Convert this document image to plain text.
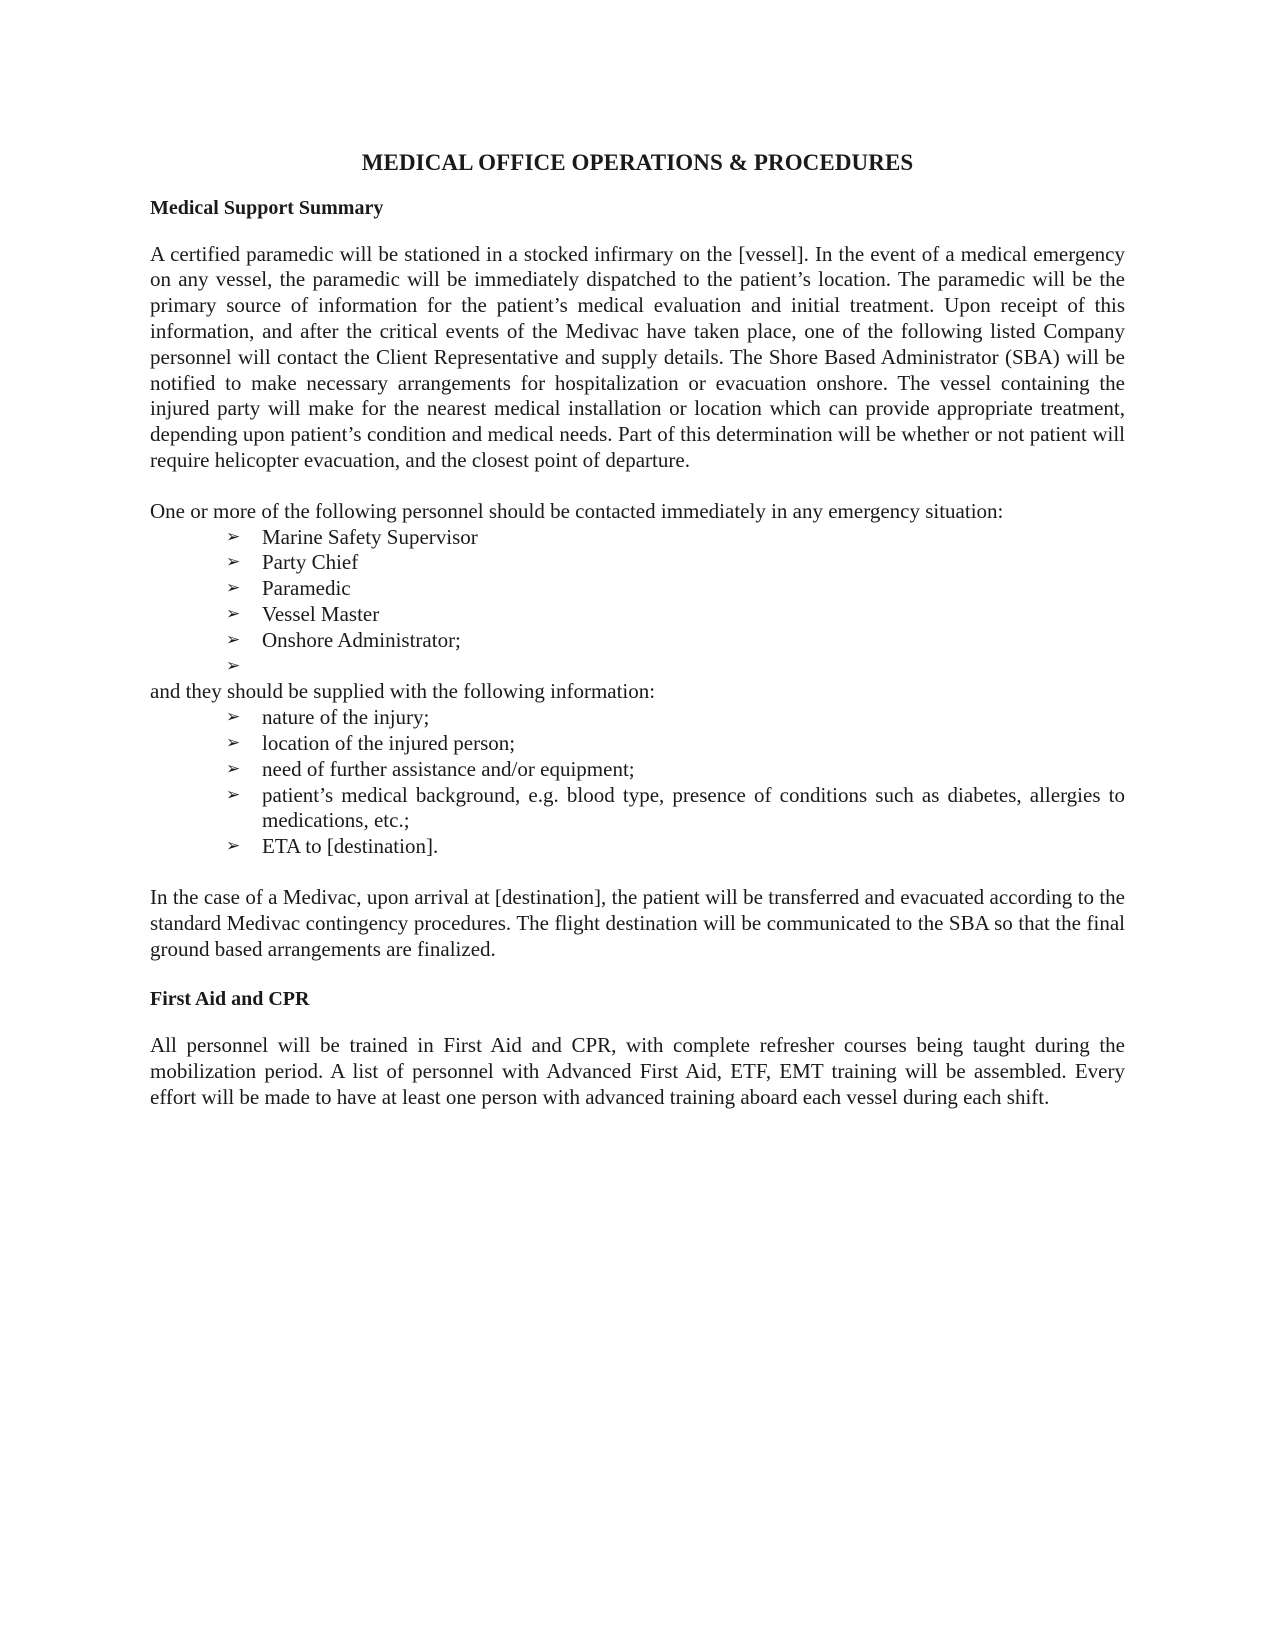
MEDICAL OFFICE OPERATIONS & PROCEDURES
Medical Support Summary

A certified paramedic will be stationed in a stocked infirmary on the [vessel]. In the event of a medical emergency on any vessel, the paramedic will be immediately dispatched to the patient’s location. The paramedic will be the primary source of information for the patient’s medical evaluation and initial treatment. Upon receipt of this information, and after the critical events of the Medivac have taken place, one of the following listed Company personnel will contact the Client Representative and supply details. The Shore Based Administrator (SBA) will be notified to make necessary arrangements for hospitalization or evacuation onshore. The vessel containing the injured party will make for the nearest medical installation or location which can provide appropriate treatment, depending upon patient’s condition and medical needs. Part of this determination will be whether or not patient will require helicopter evacuation, and the closest point of departure.

One or more of the following personnel should be contacted immediately in any emergency situation:

➢ Marine Safety Supervisor
➢ Party Chief
➢ Paramedic
➢ Vessel Master
➢ Onshore Administrator;
➢

and they should be supplied with the following information:

➢ nature of the injury;
➢ location of the injured person;
➢ need of further assistance and/or equipment;
➢ patient’s medical background, e.g. blood type, presence of conditions such as diabetes, allergies to medications, etc.;
➢ ETA to [destination].

In the case of a Medivac, upon arrival at [destination], the patient will be transferred and evacuated according to the standard Medivac contingency procedures. The flight destination will be communicated to the SBA so that the final ground based arrangements are finalized.

First Aid and CPR

All personnel will be trained in First Aid and CPR, with complete refresher courses being taught during the mobilization period. A list of personnel with Advanced First Aid, ETF, EMT training will be assembled. Every effort will be made to have at least one person with advanced training aboard each vessel during each shift.
